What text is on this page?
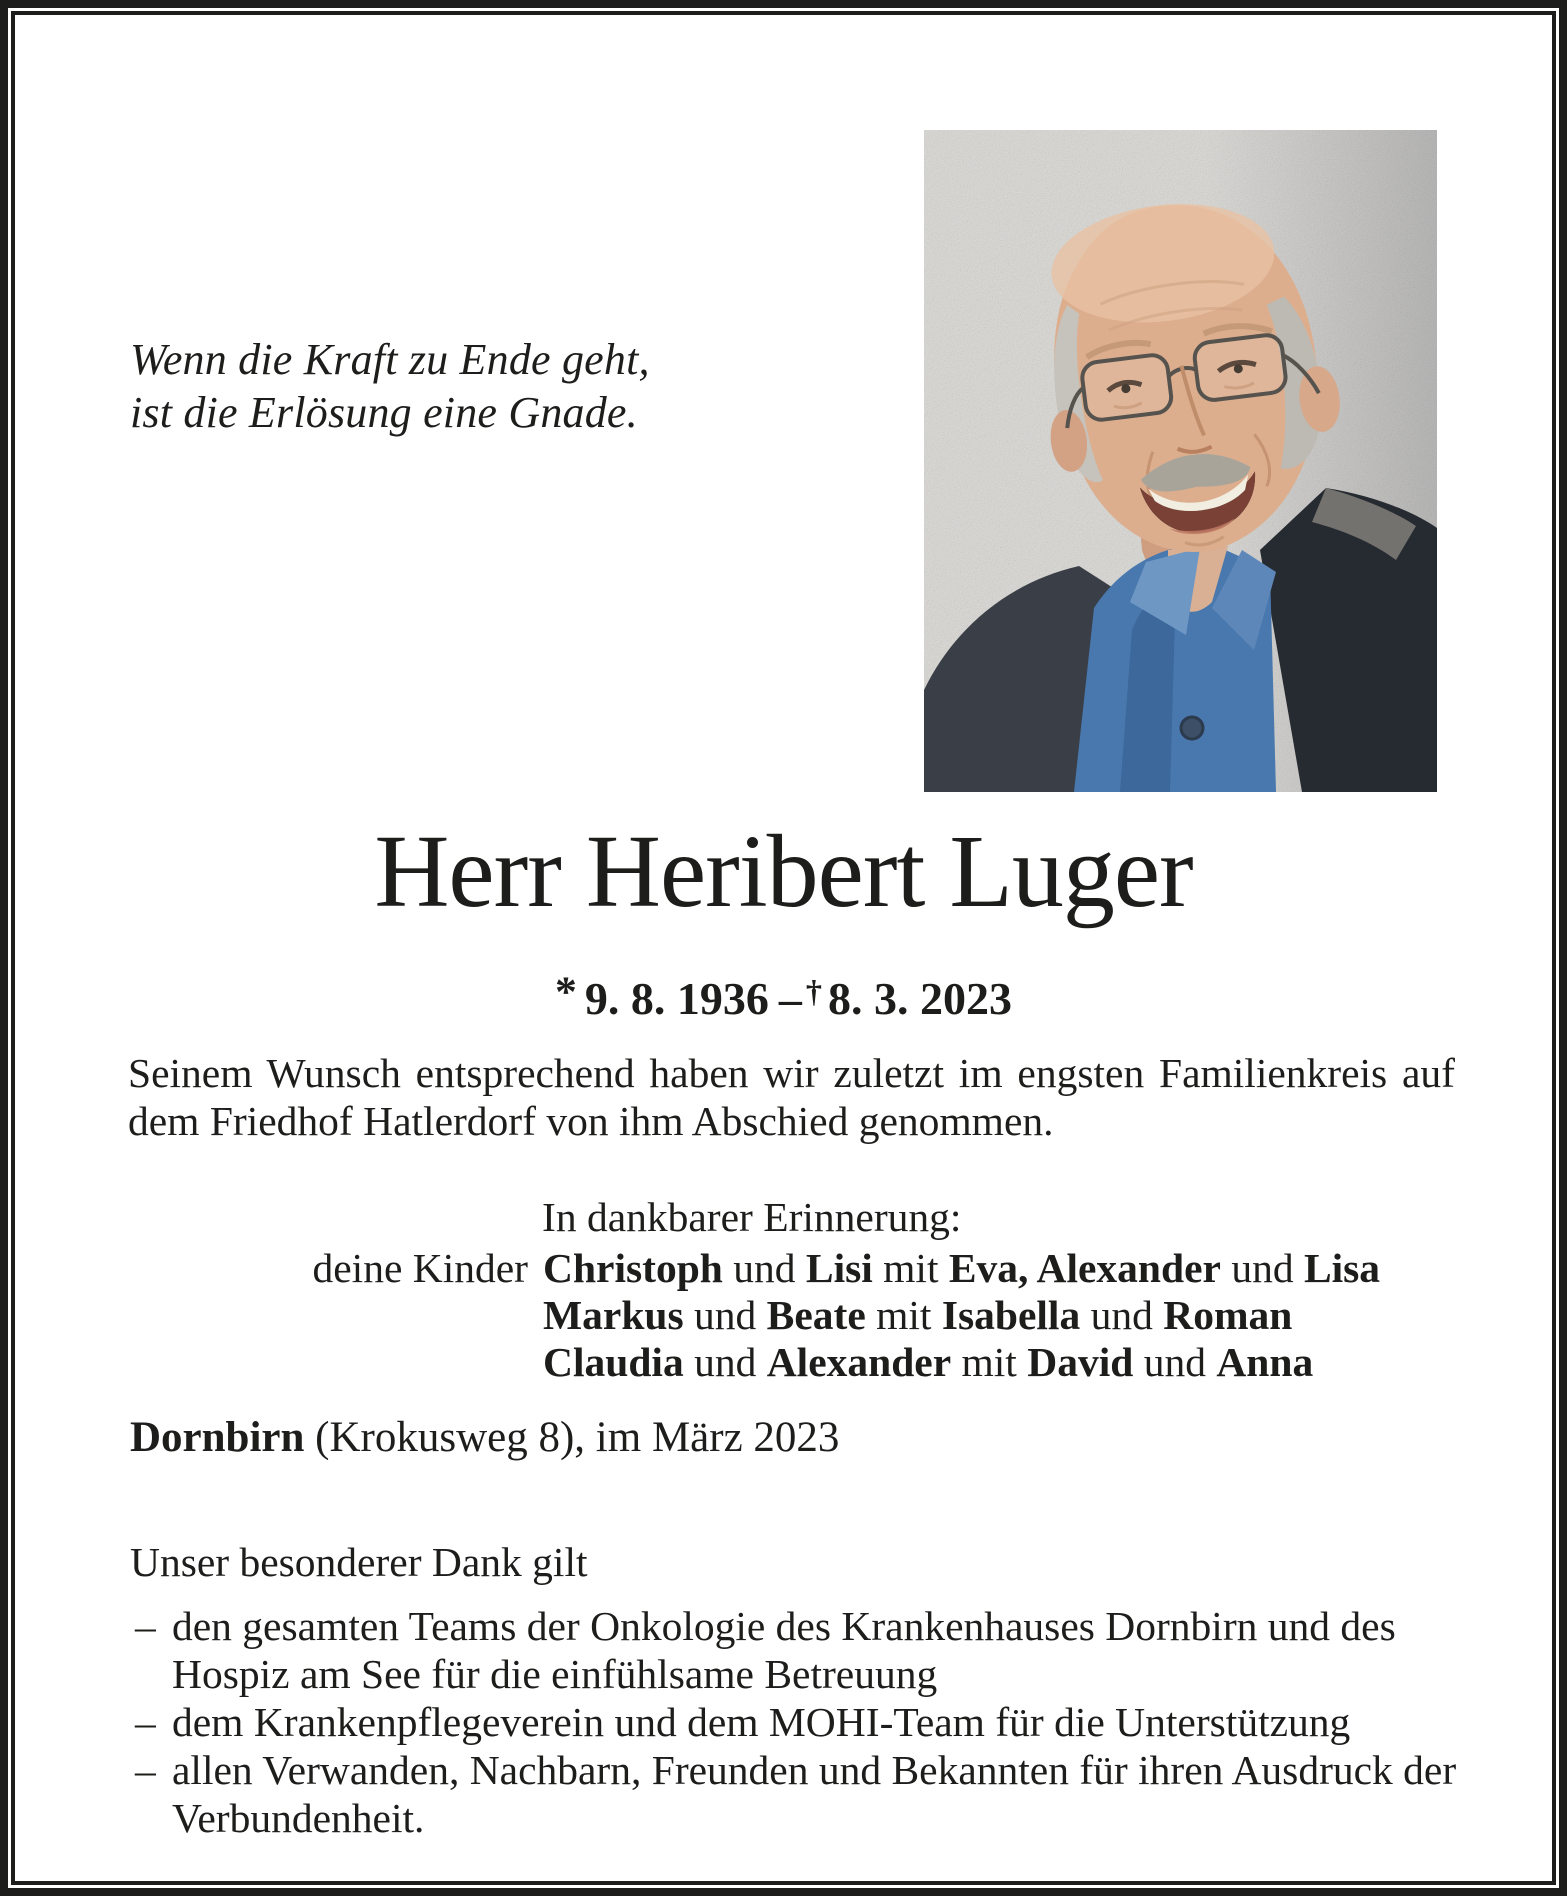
Wenn die Kraft zu Ende geht,
ist die Erlösung eine Gnade.
Herr Heribert Luger
* 9. 8. 1936 – † 8. 3. 2023
Seinem Wunsch entsprechend haben wir zuletzt im engsten Familienkreis auf dem Friedhof Hatlerdorf von ihm Abschied genommen.
In dankbarer Erinnerung:
deine Kinder Christoph und Lisi mit Eva, Alexander und Lisa
Markus und Beate mit Isabella und Roman
Claudia und Alexander mit David und Anna
Dornbirn (Krokusweg 8), im März 2023
Unser besonderer Dank gilt
– den gesamten Teams der Onkologie des Krankenhauses Dornbirn und des Hospiz am See für die einfühlsame Betreuung
– dem Krankenpflegeverein und dem MOHI-Team für die Unterstützung
– allen Verwanden, Nachbarn, Freunden und Bekannten für ihren Ausdruck der Verbundenheit.
